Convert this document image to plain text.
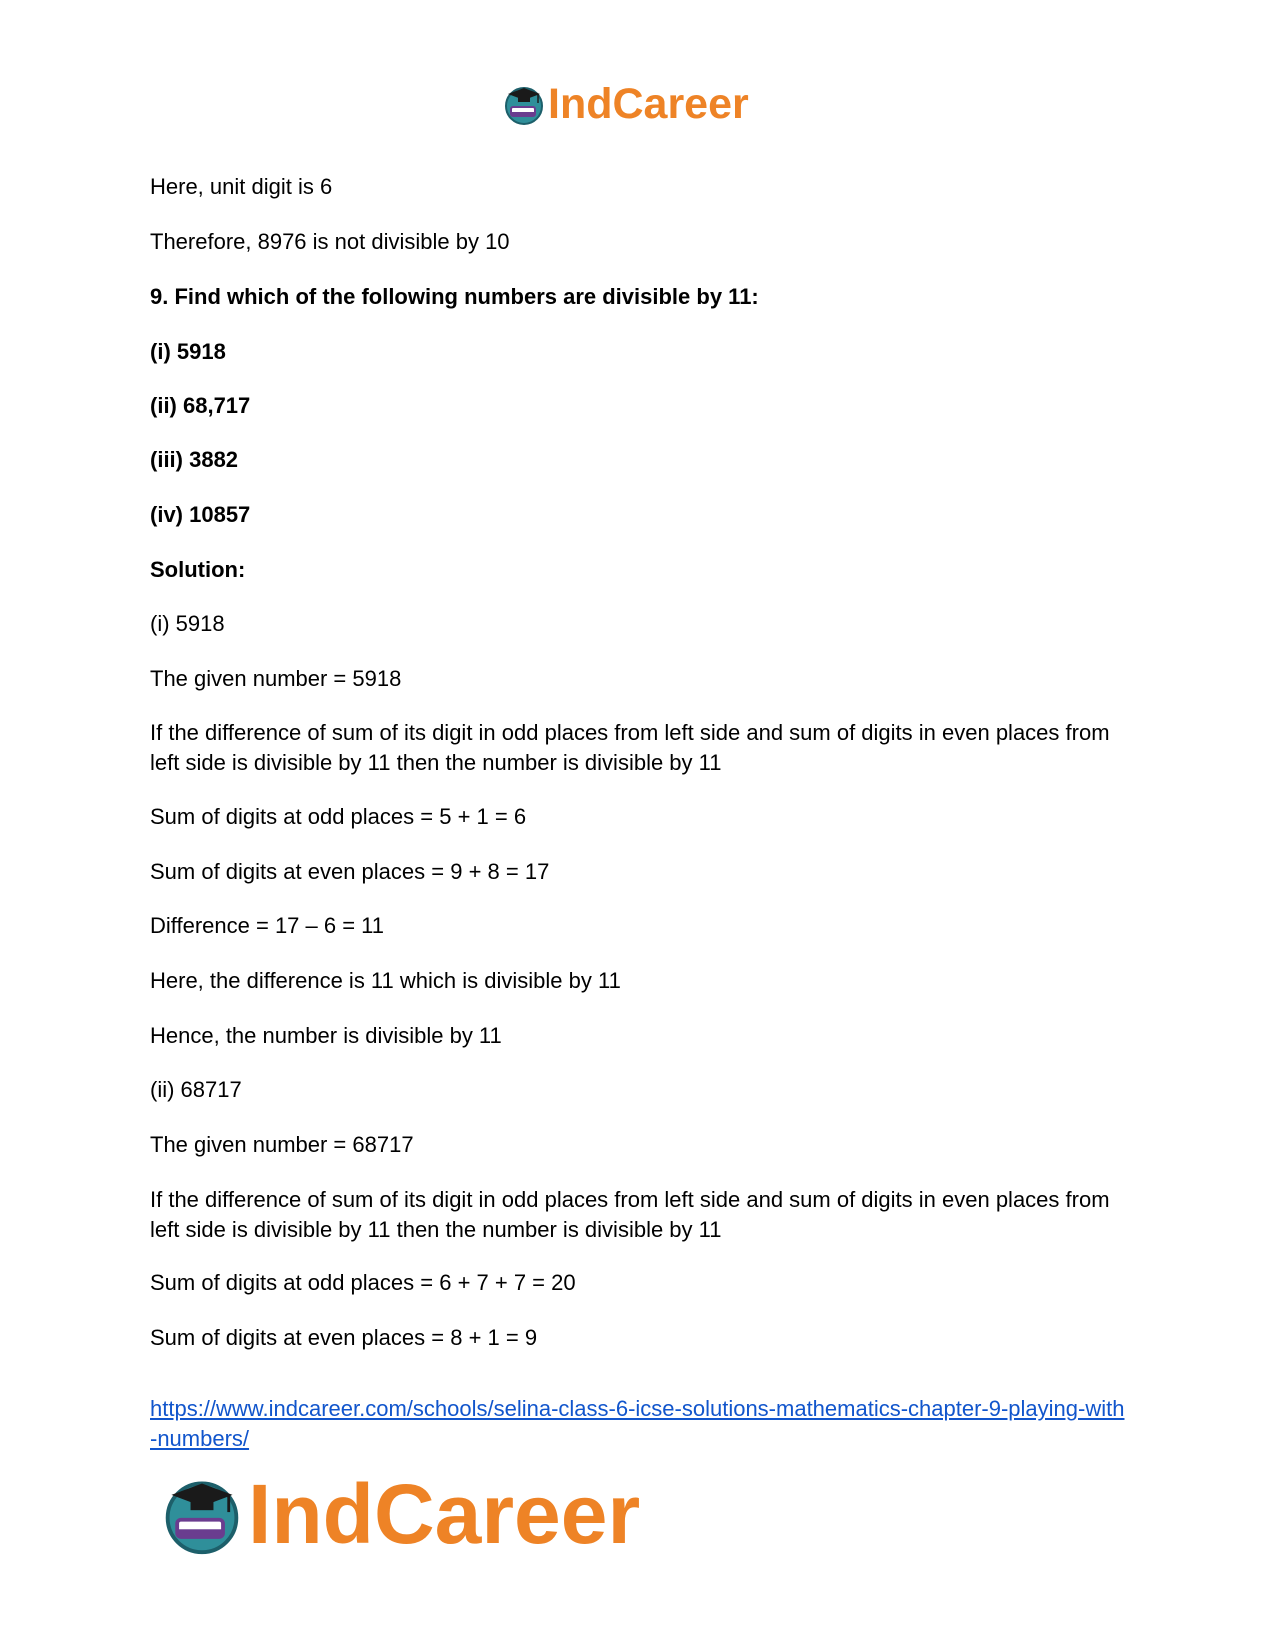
IndCareer
Here, unit digit is 6
Therefore, 8976 is not divisible by 10
9. Find which of the following numbers are divisible by 11:
(i) 5918
(ii) 68,717
(iii) 3882
(iv) 10857
Solution:
(i) 5918
The given number = 5918
If the difference of sum of its digit in odd places from left side and sum of digits in even places from left side is divisible by 11 then the number is divisible by 11
Sum of digits at odd places = 5 + 1 = 6
Sum of digits at even places = 9 + 8 = 17
Difference = 17 – 6 = 11
Here, the difference is 11 which is divisible by 11
Hence, the number is divisible by 11
(ii) 68717
The given number = 68717
If the difference of sum of its digit in odd places from left side and sum of digits in even places from left side is divisible by 11 then the number is divisible by 11
Sum of digits at odd places = 6 + 7 + 7 = 20
Sum of digits at even places = 8 + 1 = 9
https://www.indcareer.com/schools/selina-class-6-icse-solutions-mathematics-chapter-9-playing-with-numbers/
IndCareer
